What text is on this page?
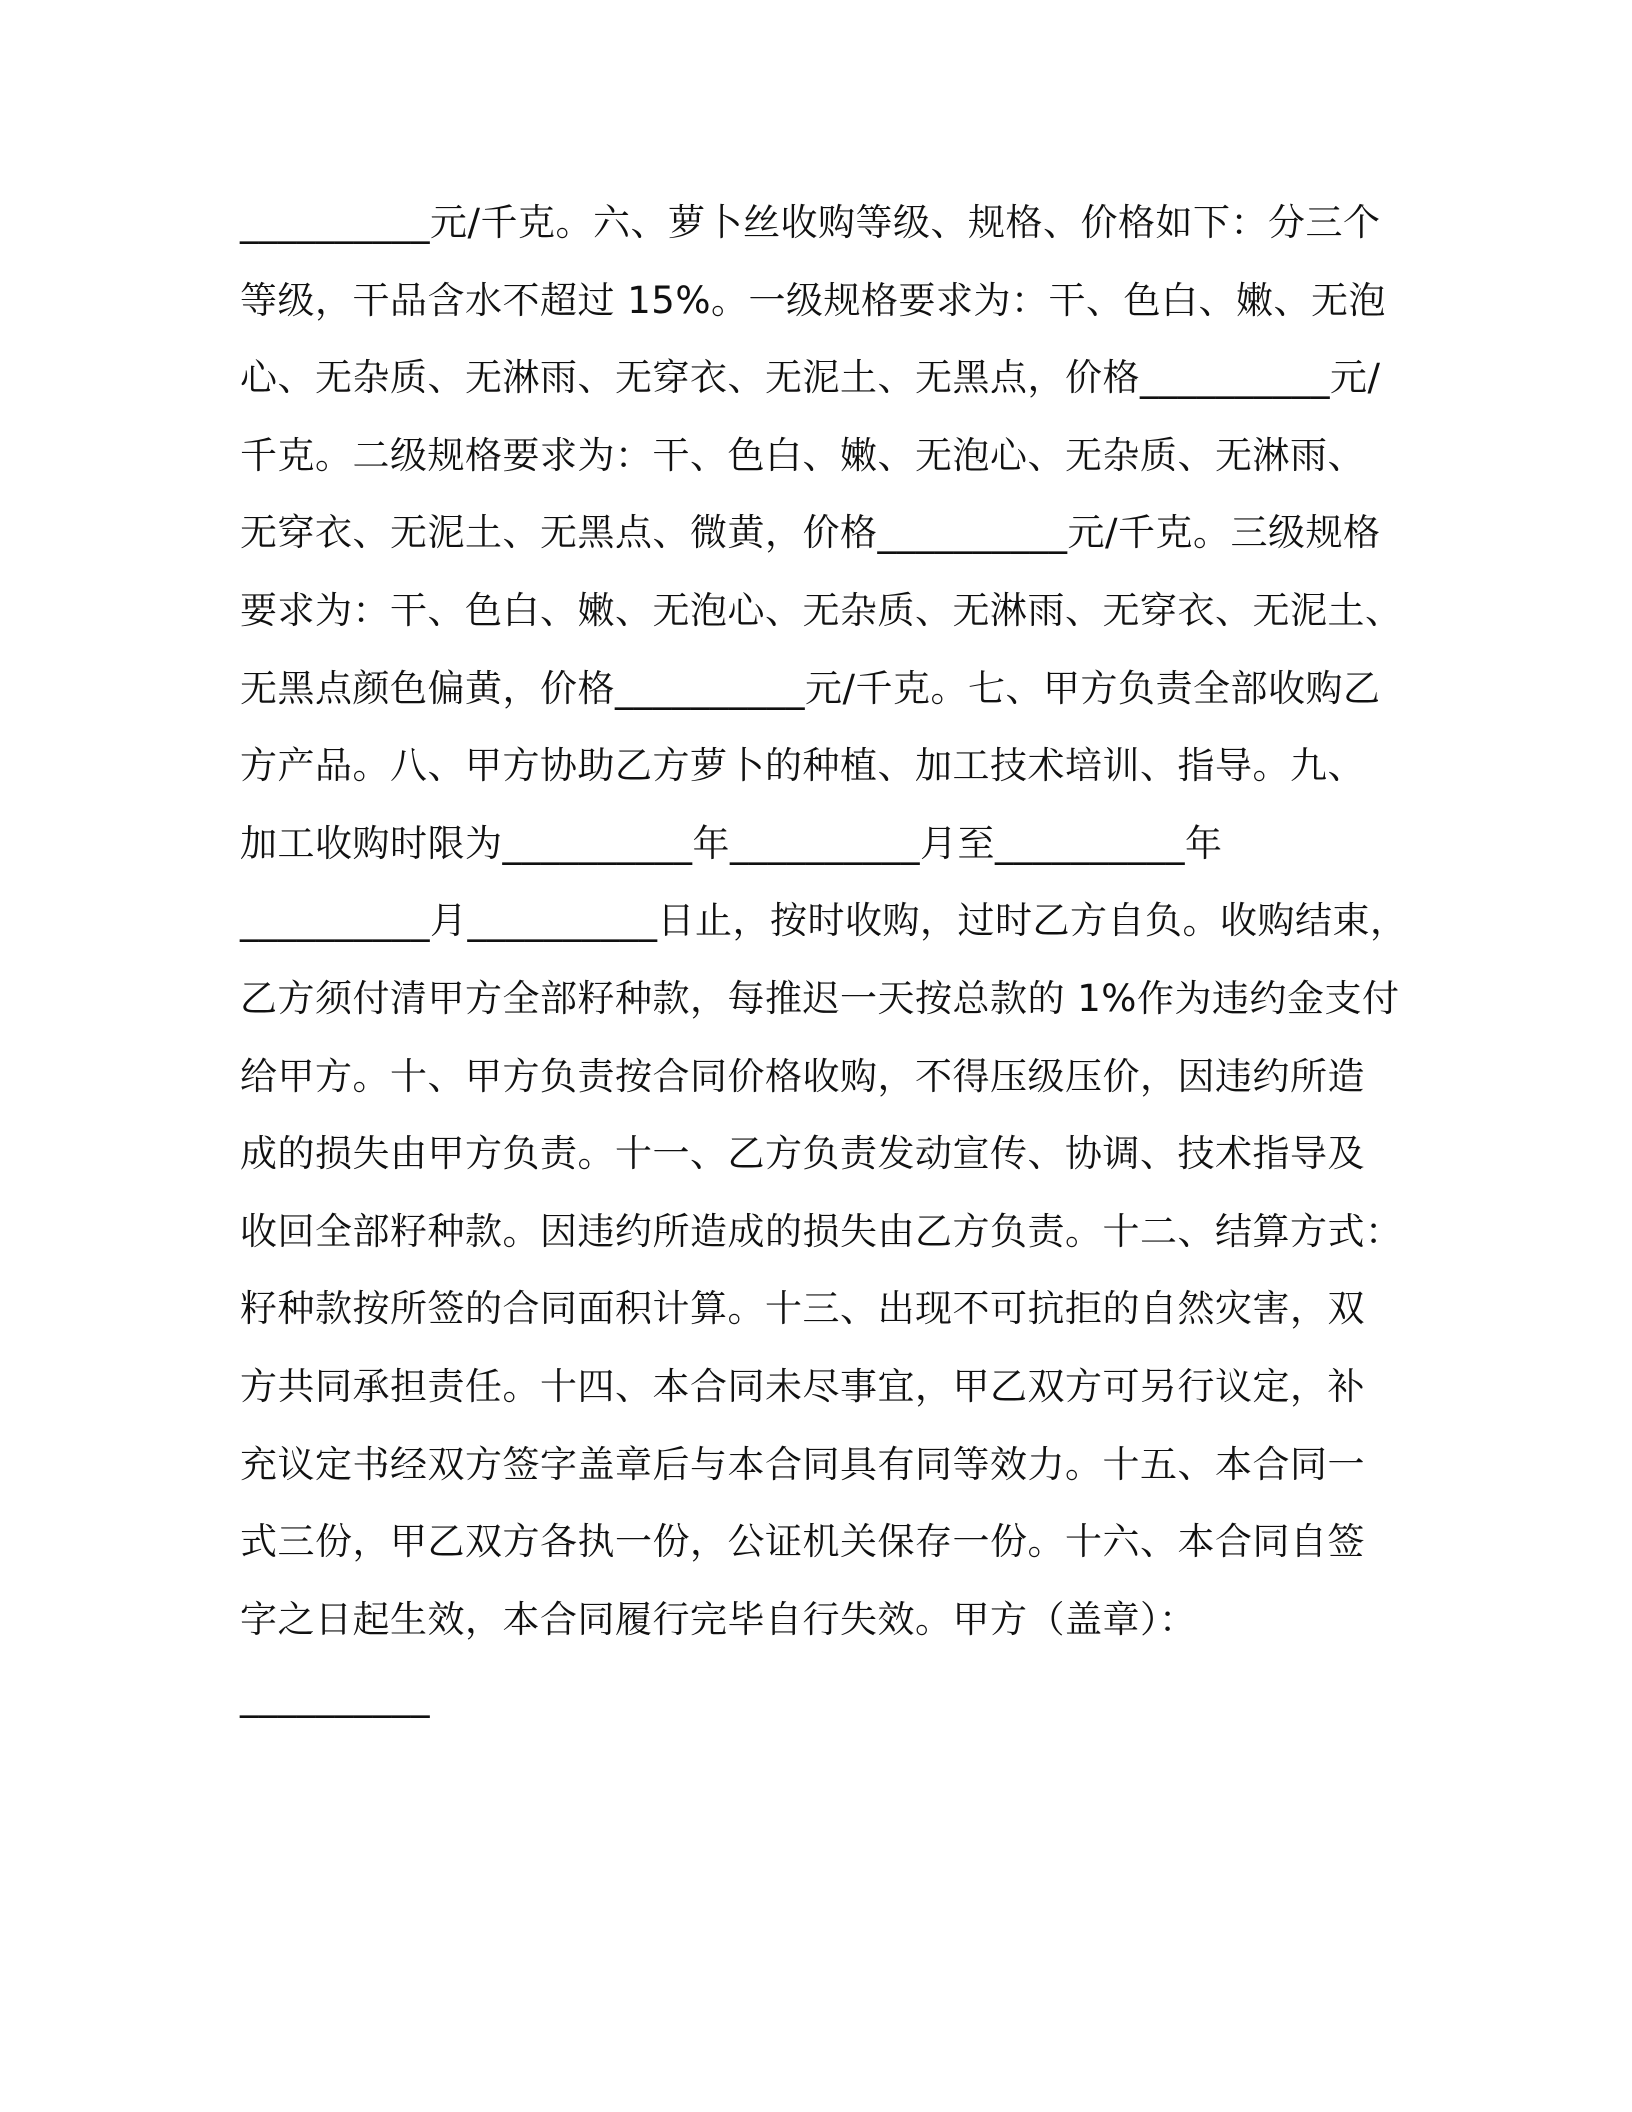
__________元/千克。六、萝卜丝收购等级、规格、价格如下：分三个
等级，干品含水不超过 15%。一级规格要求为：干、色白、嫩、无泡
心、无杂质、无淋雨、无穿衣、无泥土、无黑点，价格__________元/
千克。二级规格要求为：干、色白、嫩、无泡心、无杂质、无淋雨、
无穿衣、无泥土、无黑点、微黄，价格__________元/千克。三级规格
要求为：干、色白、嫩、无泡心、无杂质、无淋雨、无穿衣、无泥土、
无黑点颜色偏黄，价格__________元/千克。七、甲方负责全部收购乙
方产品。八、甲方协助乙方萝卜的种植、加工技术培训、指导。九、
加工收购时限为__________年__________月至__________年
__________月__________日止，按时收购，过时乙方自负。收购结束，
乙方须付清甲方全部籽种款，每推迟一天按总款的 1%作为违约金支付
给甲方。十、甲方负责按合同价格收购，不得压级压价，因违约所造
成的损失由甲方负责。十一、乙方负责发动宣传、协调、技术指导及
收回全部籽种款。因违约所造成的损失由乙方负责。十二、结算方式：
籽种款按所签的合同面积计算。十三、出现不可抗拒的自然灾害，双
方共同承担责任。十四、本合同未尽事宜，甲乙双方可另行议定，补
充议定书经双方签字盖章后与本合同具有同等效力。十五、本合同一
式三份，甲乙双方各执一份，公证机关保存一份。十六、本合同自签
字之日起生效，本合同履行完毕自行失效。甲方（盖章）：
__________
